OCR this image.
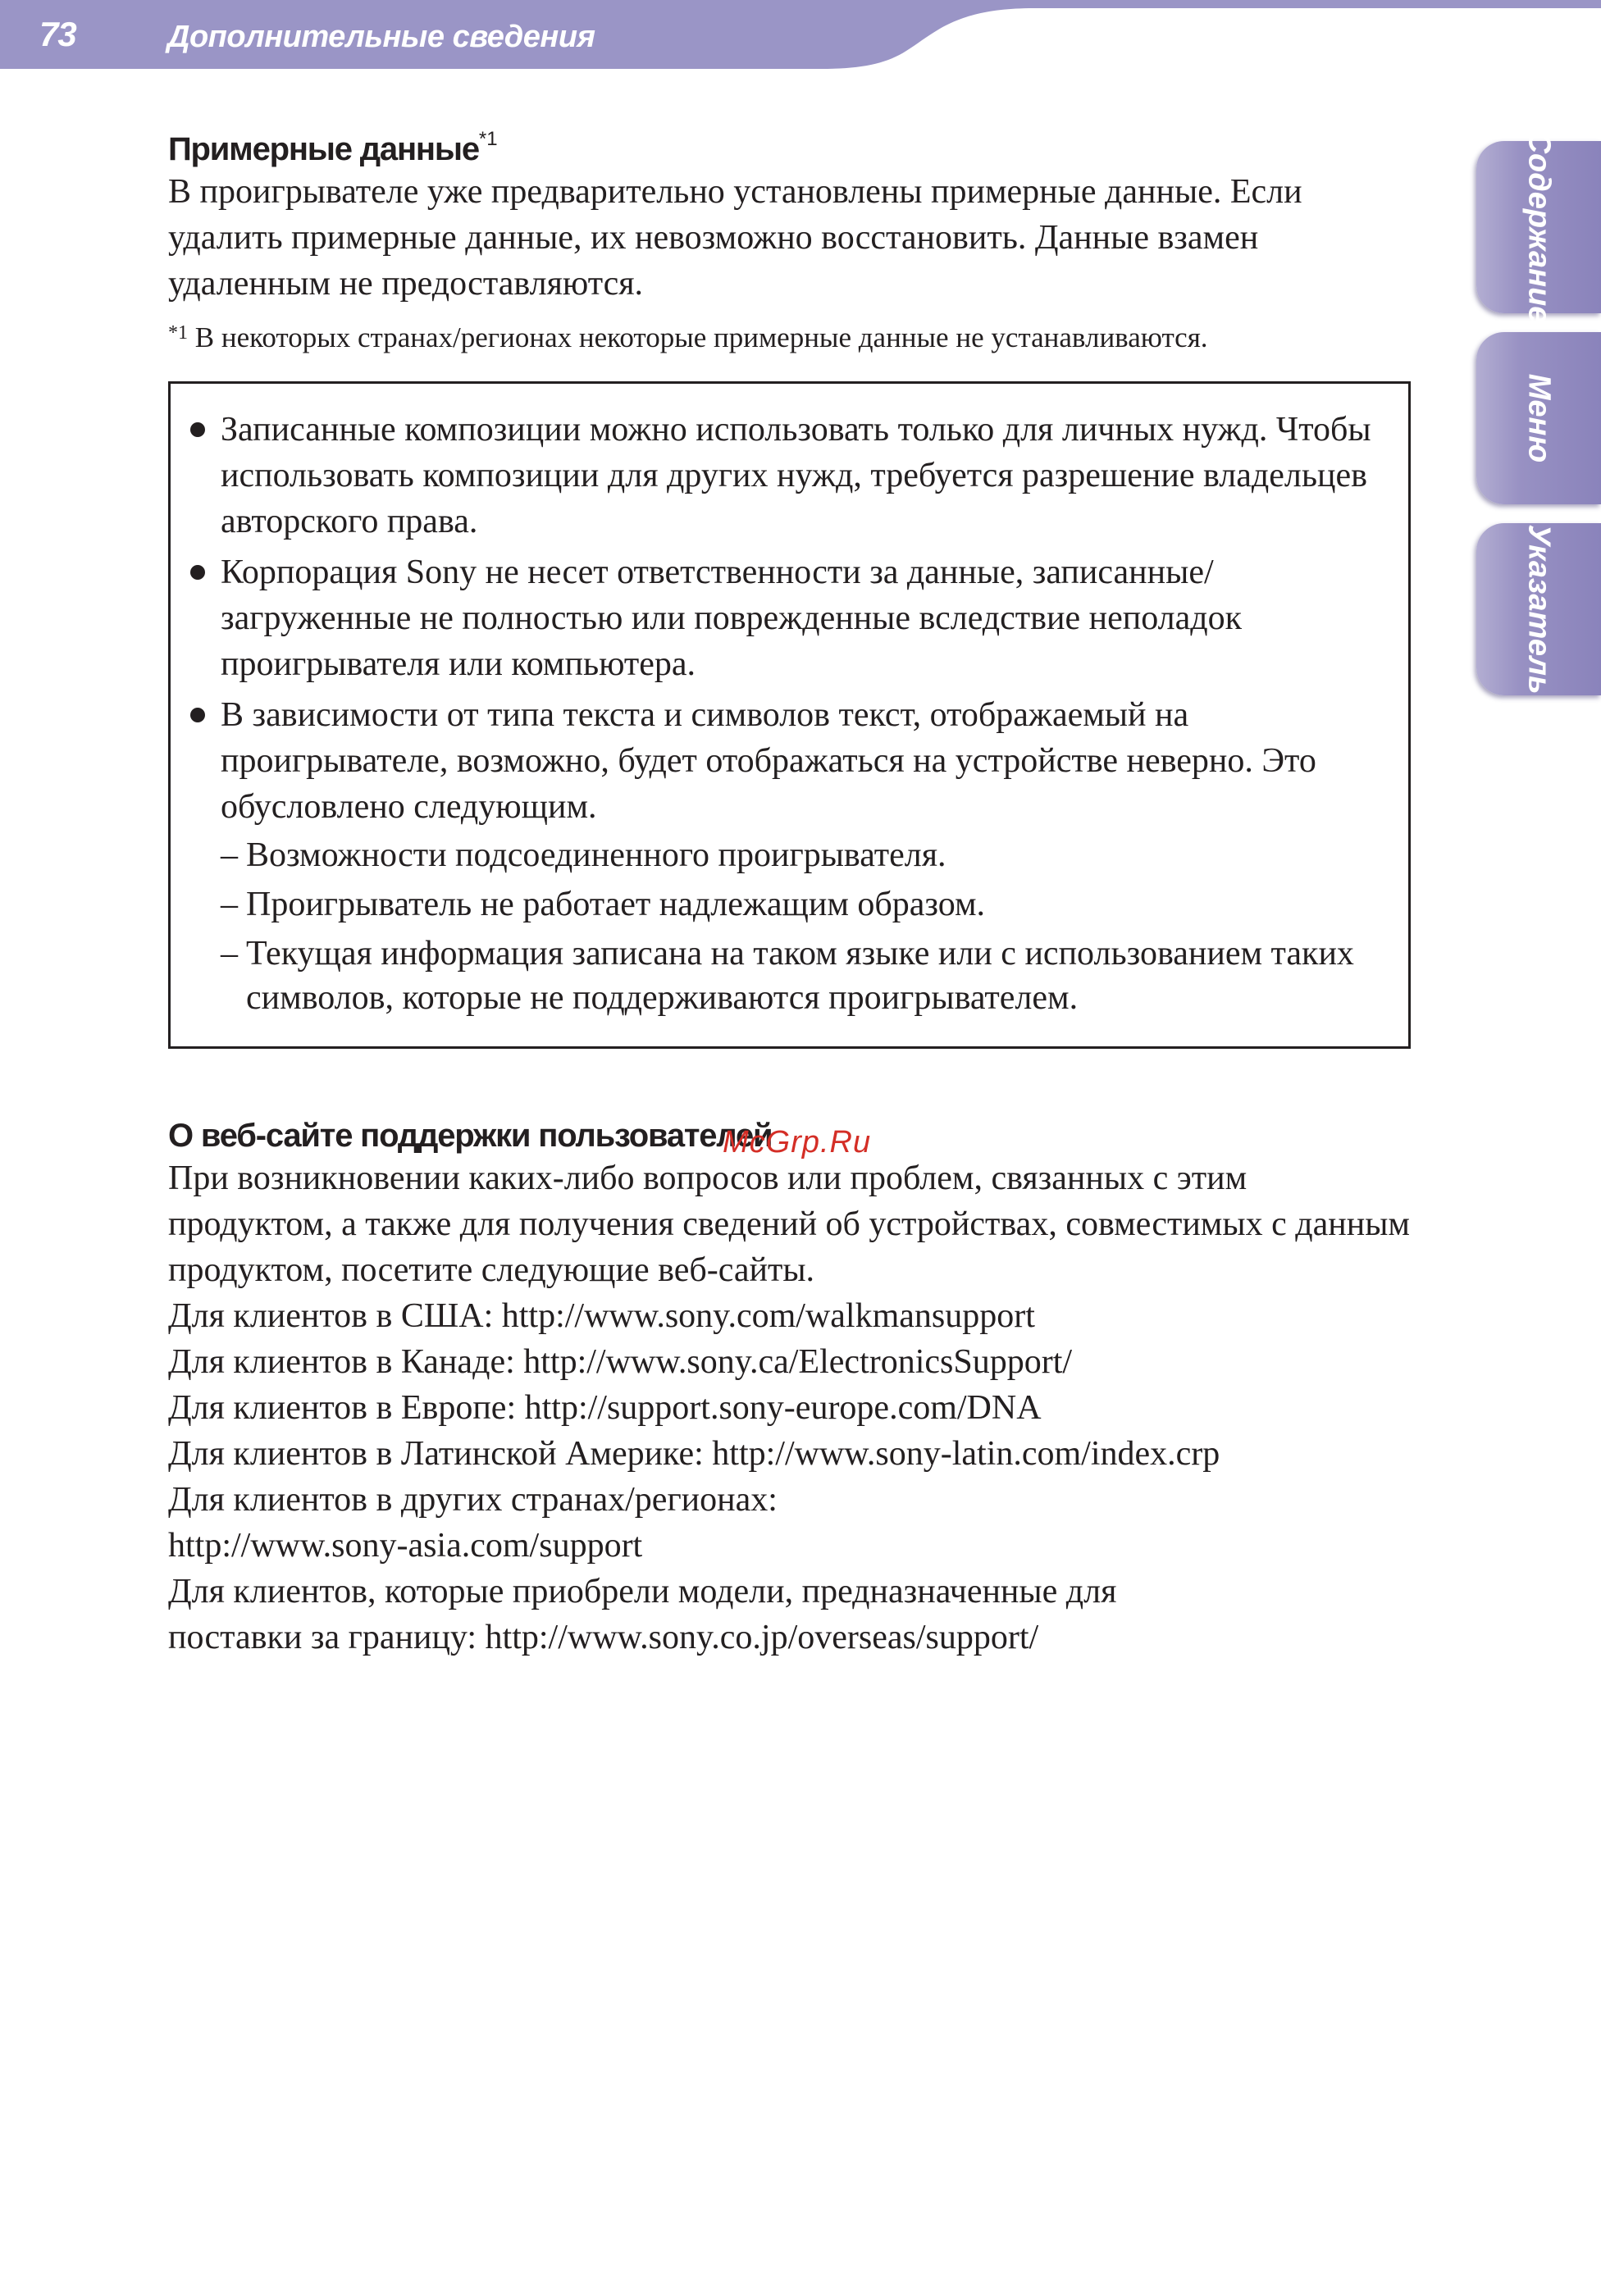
73	Дополнительные сведения
Содержание
Меню
Указатель
Примерные данные$^{*1}$

В проигрывателе уже предварительно установлены примерные данные. Если удалить примерные данные, их невозможно восстановить. Данные взамен удаленным не предоставляются.

$^{*1}$ В некоторых странах/регионах некоторые примерные данные не устанавливаются.

Записанные композиции можно использовать только для личных нужд. Чтобы использовать композиции для других нужд, требуется разрешение владельцев авторского права.
Корпорация Sony не несет ответственности за данные, записанные/загруженные не полностью или поврежденные вследствие неполадок проигрывателя или компьютера.
В зависимости от типа текста и символов текст, отображаемый на проигрывателе, возможно, будет отображаться на устройстве неверно. Это обусловлено следующим.
– Возможности подсоединенного проигрывателя.
– Проигрыватель не работает надлежащим образом.
– Текущая информация записана на таком языке или с использованием таких символов, которые не поддерживаются проигрывателем.
О веб-сайте поддержки пользователей

При возникновении каких-либо вопросов или проблем, связанных с этим продуктом, а также для получения сведений об устройствах, совместимых с данным продуктом, посетите следующие веб-сайты.

Для клиентов в США: http://www.sony.com/walkmansupport

Для клиентов в Канаде: http://www.sony.ca/ElectronicsSupport/

Для клиентов в Европе: http://support.sony-europe.com/DNA

Для клиентов в Латинской Америке: http://www.sony-latin.com/index.crp

Для клиентов в других странах/регионах:

http://www.sony-asia.com/support

Для клиентов, которые приобрели модели, предназначенные для

поставки за границу: http://www.sony.co.jp/overseas/support/

McGrp.Ru
